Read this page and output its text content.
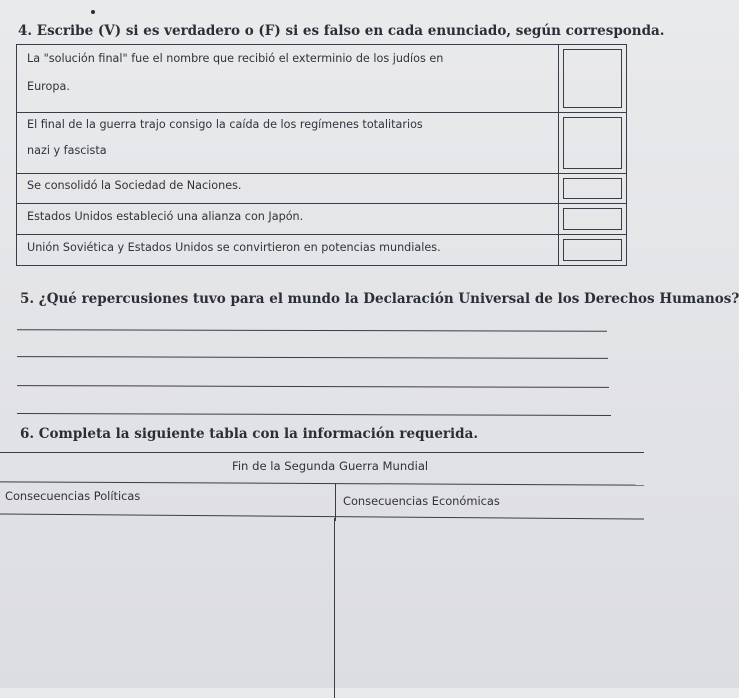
4. Escribe (V) si es verdadero o (F) si es falso en cada enunciado, según corresponda.
La "solución final" fue el nombre que recibió el exterminio de los judíos en
Europa.
El final de la guerra trajo consigo la caída de los regímenes totalitarios
nazi y fascista
Se consolidó la Sociedad de Naciones.
Estados Unidos estableció una alianza con Japón.
Unión Soviética y Estados Unidos se convirtieron en potencias mundiales.
5. ¿Qué repercusiones tuvo para el mundo la Declaración Universal de los Derechos Humanos?
6. Completa la siguiente tabla con la información requerida.
Fin de la Segunda Guerra Mundial
Consecuencias Políticas	Consecuencias Económicas
